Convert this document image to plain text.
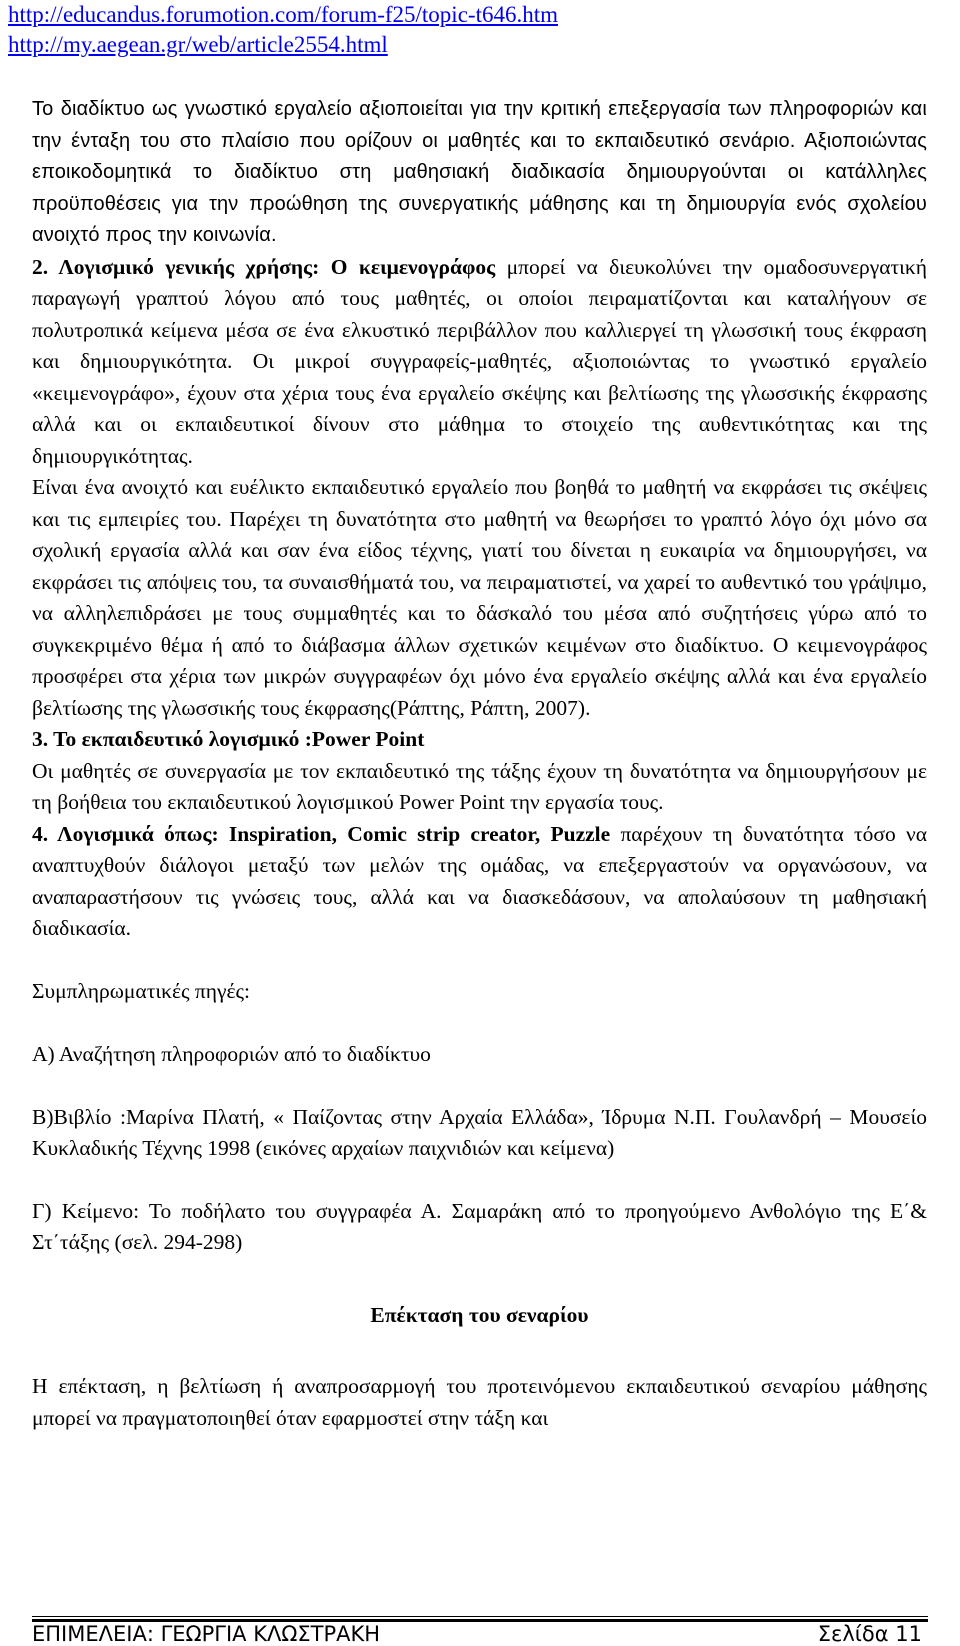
http://educandus.forumotion.com/forum-f25/topic-t646.htm
http://my.aegean.gr/web/article2554.html

Το διαδίκτυο ως γνωστικό εργαλείο αξιοποιείται για την κριτική επεξεργασία των πληροφοριών και την ένταξη του στο πλαίσιο που ορίζουν οι μαθητές και το εκπαιδευτικό σενάριο. Αξιοποιώντας εποικοδομητικά το διαδίκτυο στη μαθησιακή διαδικασία δημιουργούνται οι κατάλληλες προϋποθέσεις για την προώθηση της συνεργατικής μάθησης και τη δημιουργία ενός σχολείου ανοιχτό προς την κοινωνία.

2. Λογισμικό γενικής χρήσης: Ο κειμενογράφος μπορεί να διευκολύνει την ομαδοσυνεργατική παραγωγή γραπτού λόγου από τους μαθητές, οι οποίοι πειραματίζονται και καταλήγουν σε πολυτροπικά κείμενα μέσα σε ένα ελκυστικό περιβάλλον που καλλιεργεί τη γλωσσική τους έκφραση και δημιουργικότητα. Οι μικροί συγγραφείς-μαθητές, αξιοποιώντας το γνωστικό εργαλείο «κειμενογράφο», έχουν στα χέρια τους ένα εργαλείο σκέψης και βελτίωσης της γλωσσικής έκφρασης αλλά και οι εκπαιδευτικοί δίνουν στο μάθημα το στοιχείο της αυθεντικότητας και της δημιουργικότητας.

Είναι ένα ανοιχτό και ευέλικτο εκπαιδευτικό εργαλείο που βοηθά το μαθητή να εκφράσει τις σκέψεις και τις εμπειρίες του. Παρέχει τη δυνατότητα στο μαθητή να θεωρήσει το γραπτό λόγο όχι μόνο σα σχολική εργασία αλλά και σαν ένα είδος τέχνης, γιατί του δίνεται η ευκαιρία να δημιουργήσει, να εκφράσει τις απόψεις του, τα συναισθήματά του, να πειραματιστεί, να χαρεί το αυθεντικό του γράψιμο, να αλληλεπιδράσει με τους συμμαθητές και το δάσκαλό του μέσα από συζητήσεις γύρω από το συγκεκριμένο θέμα ή από το διάβασμα άλλων σχετικών κειμένων στο διαδίκτυο. Ο κειμενογράφος προσφέρει στα χέρια των μικρών συγγραφέων όχι μόνο ένα εργαλείο σκέψης αλλά και ένα εργαλείο βελτίωσης της γλωσσικής τους έκφρασης(Ράπτης, Ράπτη, 2007).

3. Το εκπαιδευτικό λογισμικό :Power Point

Οι μαθητές σε συνεργασία με τον εκπαιδευτικό της τάξης έχουν τη δυνατότητα να δημιουργήσουν με τη βοήθεια του εκπαιδευτικού λογισμικού Power Point την εργασία τους.

4. Λογισμικά όπως: Inspiration, Comic strip creator, Puzzle παρέχουν τη δυνατότητα τόσο να αναπτυχθούν διάλογοι μεταξύ των μελών της ομάδας, να επεξεργαστούν να οργανώσουν, να αναπαραστήσουν τις γνώσεις τους, αλλά και να διασκεδάσουν, να απολαύσουν τη μαθησιακή διαδικασία.

Συμπληρωματικές πηγές:

Α) Αναζήτηση πληροφοριών από το διαδίκτυο

Β)Βιβλίο :Μαρίνα Πλατή, « Παίζοντας στην Αρχαία Ελλάδα», Ίδρυμα Ν.Π. Γουλανδρή – Μουσείο Κυκλαδικής Τέχνης 1998 (εικόνες αρχαίων παιχνιδιών και κείμενα)

Γ) Κείμενο: Το ποδήλατο του συγγραφέα Α. Σαμαράκη από το προηγούμενο Ανθολόγιο της Ε΄& Στ΄τάξης (σελ. 294-298)

Επέκταση του σεναρίου

Η επέκταση, η βελτίωση ή αναπροσαρμογή του προτεινόμενου εκπαιδευτικού σεναρίου μάθησης μπορεί να πραγματοποιηθεί όταν εφαρμοστεί στην τάξη και

ΕΠΙΜΕΛΕΙΑ: ΓΕΩΡΓΙΑ ΚΛΩΣΤΡΑΚΗ	Σελίδα 11
